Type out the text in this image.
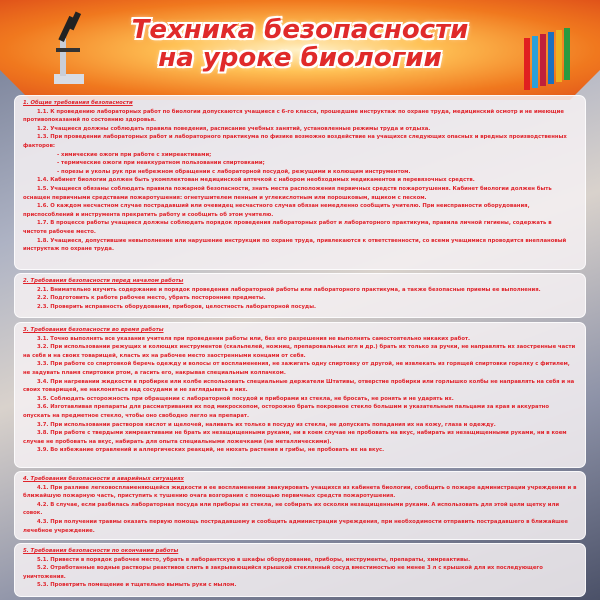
Техника безопасности
на уроке биологии
1. Общие требования безопасности

1.1. К проведению лабораторных работ по биологии допускаются учащиеся с 6-го класса, прошедшие инструктаж по охране труда, медицинский осмотр и не имеющие противопоказаний по состоянию здоровья.

1.2. Учащиеся должны соблюдать правила поведения, расписание учебных занятий, установленные режимы труда и отдыха.

1.3. При проведении лабораторных работ и лабораторного практикума по физике возможно воздействие на учащихся следующих опасных и вредных производственных факторов:

- химические ожоги при работе с химреактивами;
- термические ожоги при неаккуратном пользовании спиртовками;
- порезы и уколы рук при небрежном обращении с лабораторной посудой, режущими и колющим инструментом.

1.4. Кабинет биологии должен быть укомплектован медицинской аптечкой с набором необходимых медикаментов и перевязочных средств.

1.5. Учащиеся обязаны соблюдать правила пожарной безопасности, знать места расположения первичных средств пожаротушения. Кабинет биологии должен быть оснащен первичными средствами пожаротушения: огнетушителем пенным и углекислотным или порошковым, ящиком с песком.

1.6. О каждом несчастном случае пострадавший или очевидец несчастного случая обязан немедленно сообщить учителю. При неисправности оборудования, приспособлений и инструмента прекратить работу и сообщить об этом учителю.

1.7. В процессе работы учащиеся должны соблюдать порядок проведения лабораторных работ и лабораторного практикума, правила личной гигиены, содержать в чистоте рабочее место.

1.8. Учащиеся, допустившие невыполнение или нарушение инструкции по охране труда, привлекаются к ответственности, со всеми учащимися проводится внеплановый инструктаж по охране труда.

2. Требования безопасности перед началом работы

2.1. Внимательно изучить содержание и порядок проведения лабораторной работы или лабораторного практикума, а также безопасные приемы ее выполнения.

2.2. Подготовить к работе рабочее место, убрать посторонние предметы.

2.3. Проверить исправность оборудования, приборов, целостность лабораторной посуды.

3. Требования безопасности во время работы

3.1. Точно выполнять все указания учителя при проведении работы или, без его разрешения не выполнять самостоятельно никаких работ.

3.2. При использовании режущих и колющих инструментов (скальпелей, ножниц, препаровальных игл и др.) брать их только за ручки, не направлять их заостренные части на себя и на своих товарищей, класть их на рабочее место заостренными концами от себя.

3.3. При работе со спиртовкой беречь одежду и волосы от воспламенения, не зажигать одну спиртовку от другой, не извлекать из горящей спиртовки горелку с фитилем, не задувать пламя спиртовки ртом, а гасить его, накрывая специальным колпачком.

3.4. При нагревании жидкости в пробирке или колбе использовать специальные держатели Штативы, отверстие пробирки или горлышко колбы не направлять на себя и на своих товарищей, не наклоняться над сосудами и не заглядывать в них.

3.5. Соблюдать осторожность при обращении с лабораторной посудой и приборами из стекла, не бросать, не ронять и не ударять их.

3.6. Изготавливая препараты для рассматривания их под микроскопом, осторожно брать покровное стекло большим и указательным пальцами за края и аккуратно опускать на предметное стекло, чтобы оно свободно легло на препарат.

3.7. При использовании растворов кислот и щелочей, наливать их только в посуду из стекла, не допускать попадания их на кожу, глаза и одежду.

3.8. При работе с твердыми химреактивами не брать их незащищенными руками, ни в коем случае не пробовать на вкус, набирать из незащищенными руками, ни в коем случае не пробовать на вкус, набирать для опыта специальными ложечками (не металлическими).

3.9. Во избежание отравлений и аллергических реакций, не нюхать растения и грибы, не пробовать их на вкус.

4. Требования безопасности в аварийных ситуациях

4.1. При разливе легковоспламеняющейся жидкости и ее воспламенении эвакуировать учащихся из кабинета биологии, сообщить о пожаре администрации учреждения и в ближайшую пожарную часть, приступить к тушению очага возгорания с помощью первичных средств пожаротушения.

4.2. В случае, если разбилась лабораторная посуда или приборы из стекла, не собирать их осколки незащищенными руками. А использовать для этой цели щетку или совок.

4.3. При получении травмы оказать первую помощь пострадавшему и сообщить администрации учреждения, при необходимости отправить пострадавшего в ближайшее лечебное учреждение.

5. Требования безопасности по окончании работы

5.1. Привести в порядок рабочее место, убрать в лаборантскую в шкафы оборудование, приборы, инструменты, препараты, химреактивы.

5.2. Отработанные водные растворы реактивов слить в закрывающийся крышкой стеклянный сосуд вместимостью не менее 3 л с крышкой для их последующего уничтожения.

5.3. Проветрить помещение и тщательно вымыть руки с мылом.
